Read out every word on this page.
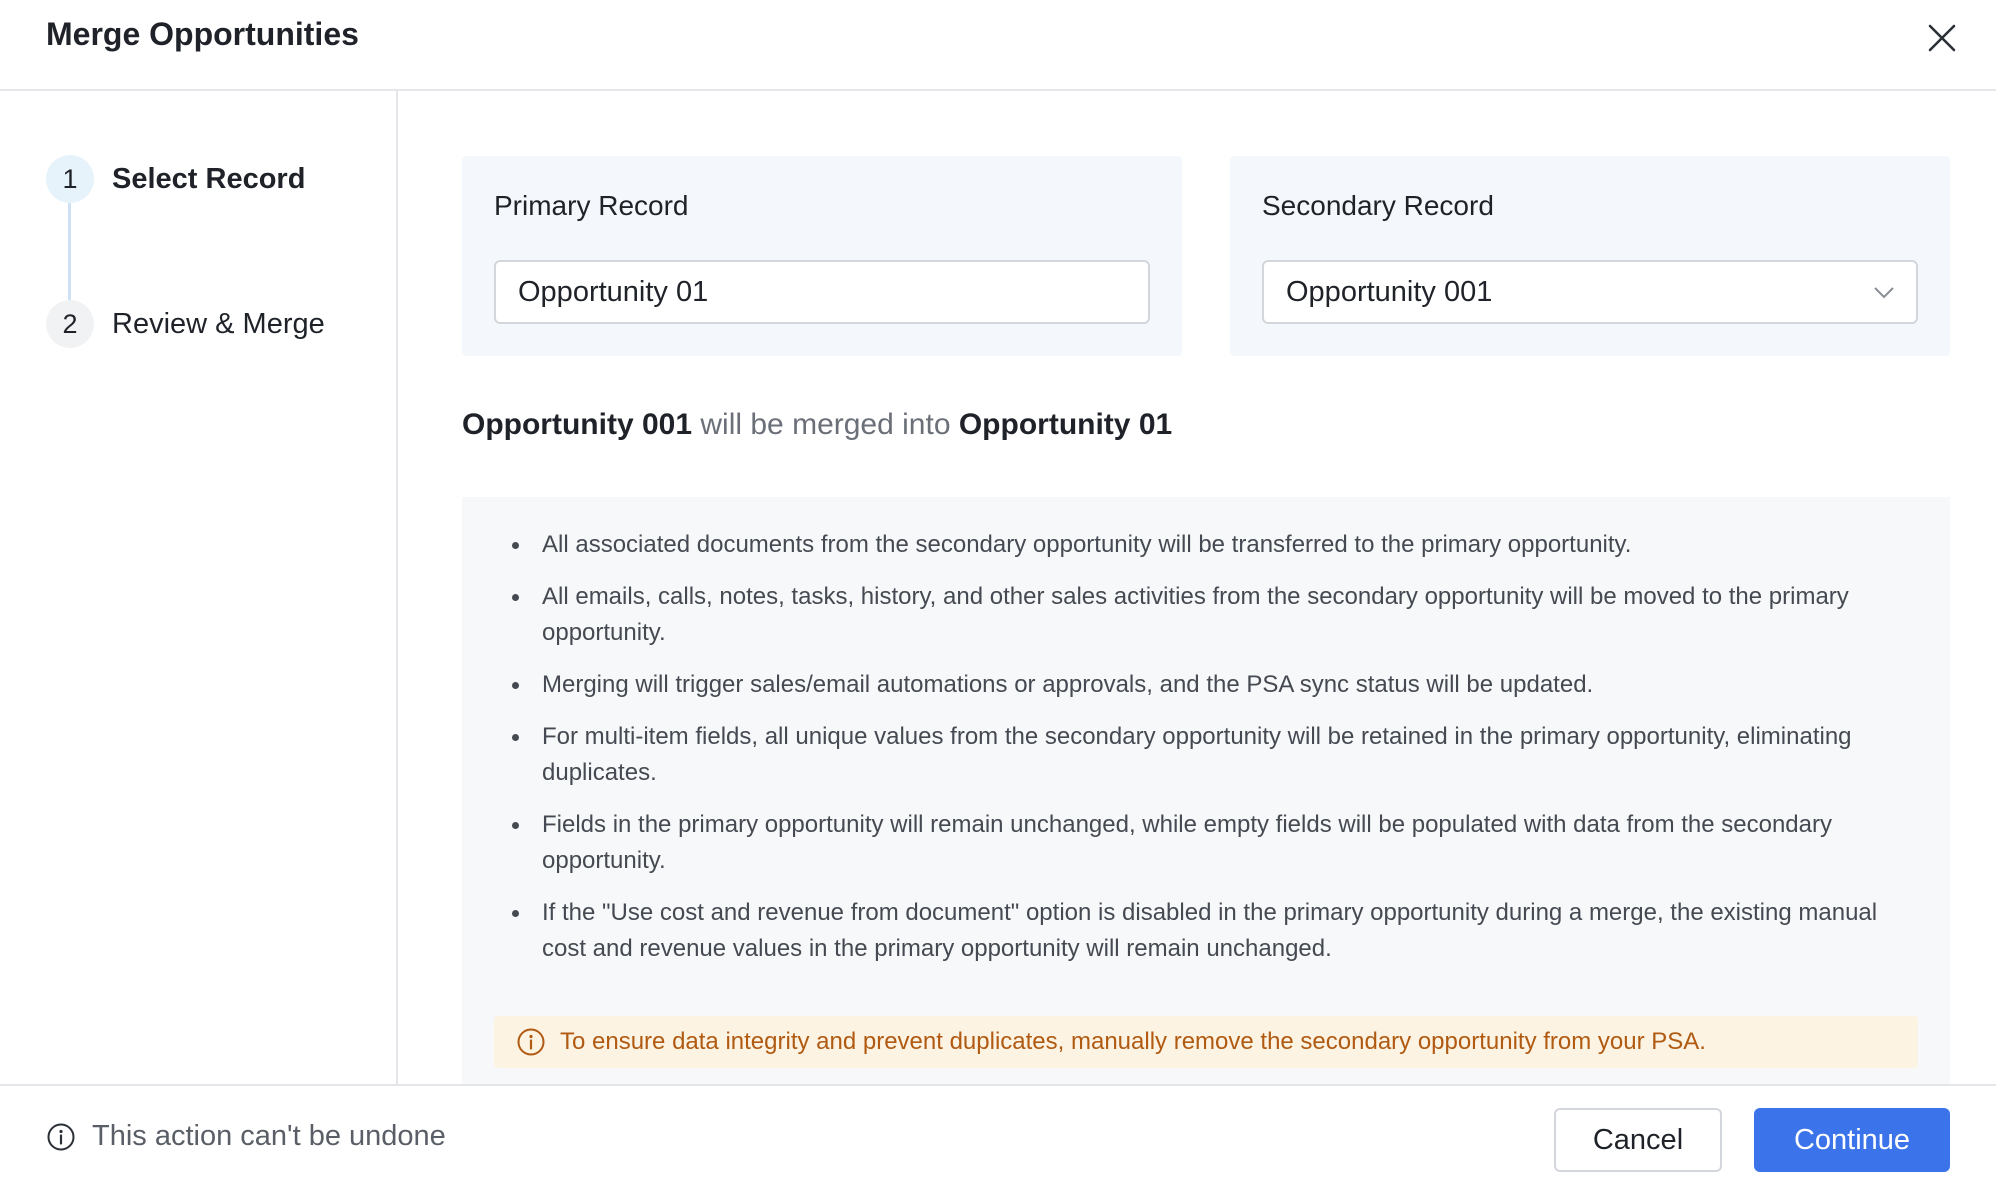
Merge Opportunities
1	Select Record
2	Review & Merge
Primary Record
Opportunity 01
Secondary Record
Opportunity 001
Opportunity 001 will be merged into Opportunity 01
All associated documents from the secondary opportunity will be transferred to the primary opportunity.
All emails, calls, notes, tasks, history, and other sales activities from the secondary opportunity will be moved to the primary opportunity.
Merging will trigger sales/email automations or approvals, and the PSA sync status will be updated.
For multi-item fields, all unique values from the secondary opportunity will be retained in the primary opportunity, eliminating duplicates.
Fields in the primary opportunity will remain unchanged, while empty fields will be populated with data from the secondary opportunity.
If the "Use cost and revenue from document" option is disabled in the primary opportunity during a merge, the existing manual cost and revenue values in the primary opportunity will remain unchanged.
To ensure data integrity and prevent duplicates, manually remove the secondary opportunity from your PSA.
This action can't be undone	Cancel	Continue
